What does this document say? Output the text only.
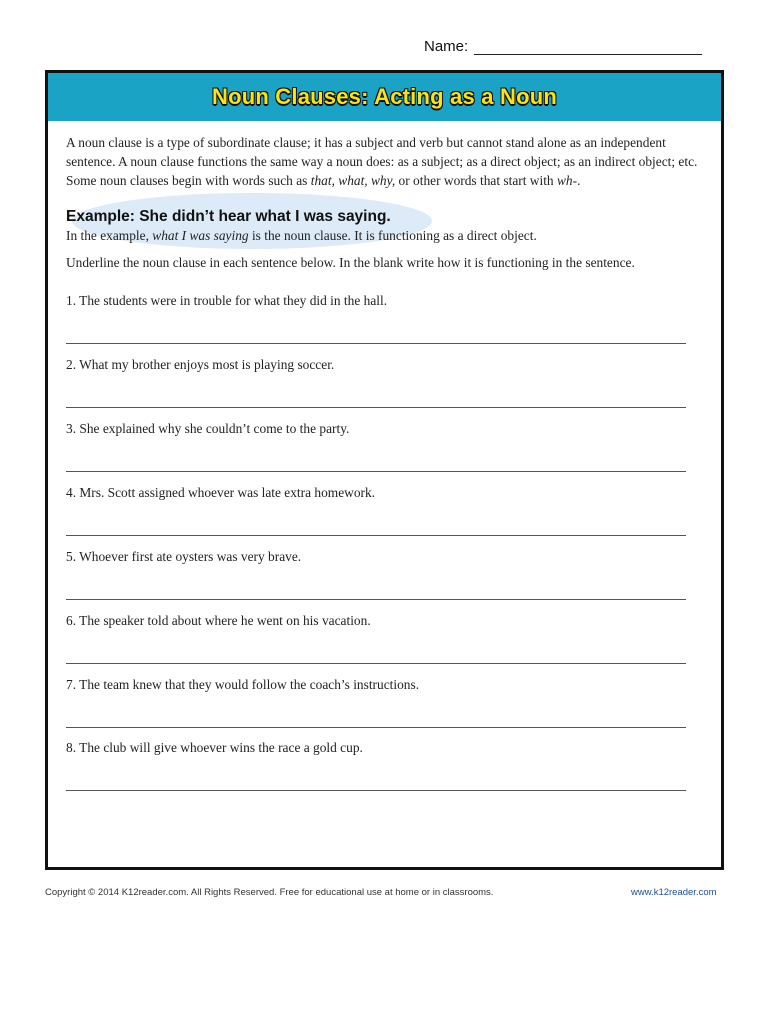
Name:
Noun Clauses: Acting as a Noun
A noun clause is a type of subordinate clause; it has a subject and verb but cannot stand alone as an independent sentence. A noun clause functions the same way a noun does: as a subject; as a direct object; as an indirect object; etc. Some noun clauses begin with words such as that, what, why, or other words that start with wh-.
Example: She didn’t hear what I was saying.
In the example, what I was saying is the noun clause. It is functioning as a direct object.
Underline the noun clause in each sentence below. In the blank write how it is functioning in the sentence.
1. The students were in trouble for what they did in the hall.
2. What my brother enjoys most is playing soccer.
3. She explained why she couldn’t come to the party.
4. Mrs. Scott assigned whoever was late extra homework.
5. Whoever first ate oysters was very brave.
6. The speaker told about where he went on his vacation.
7. The team knew that they would follow the coach’s instructions.
8. The club will give whoever wins the race a gold cup.
Copyright © 2014 K12reader.com. All Rights Reserved. Free for educational use at home or in classrooms.	www.k12reader.com
